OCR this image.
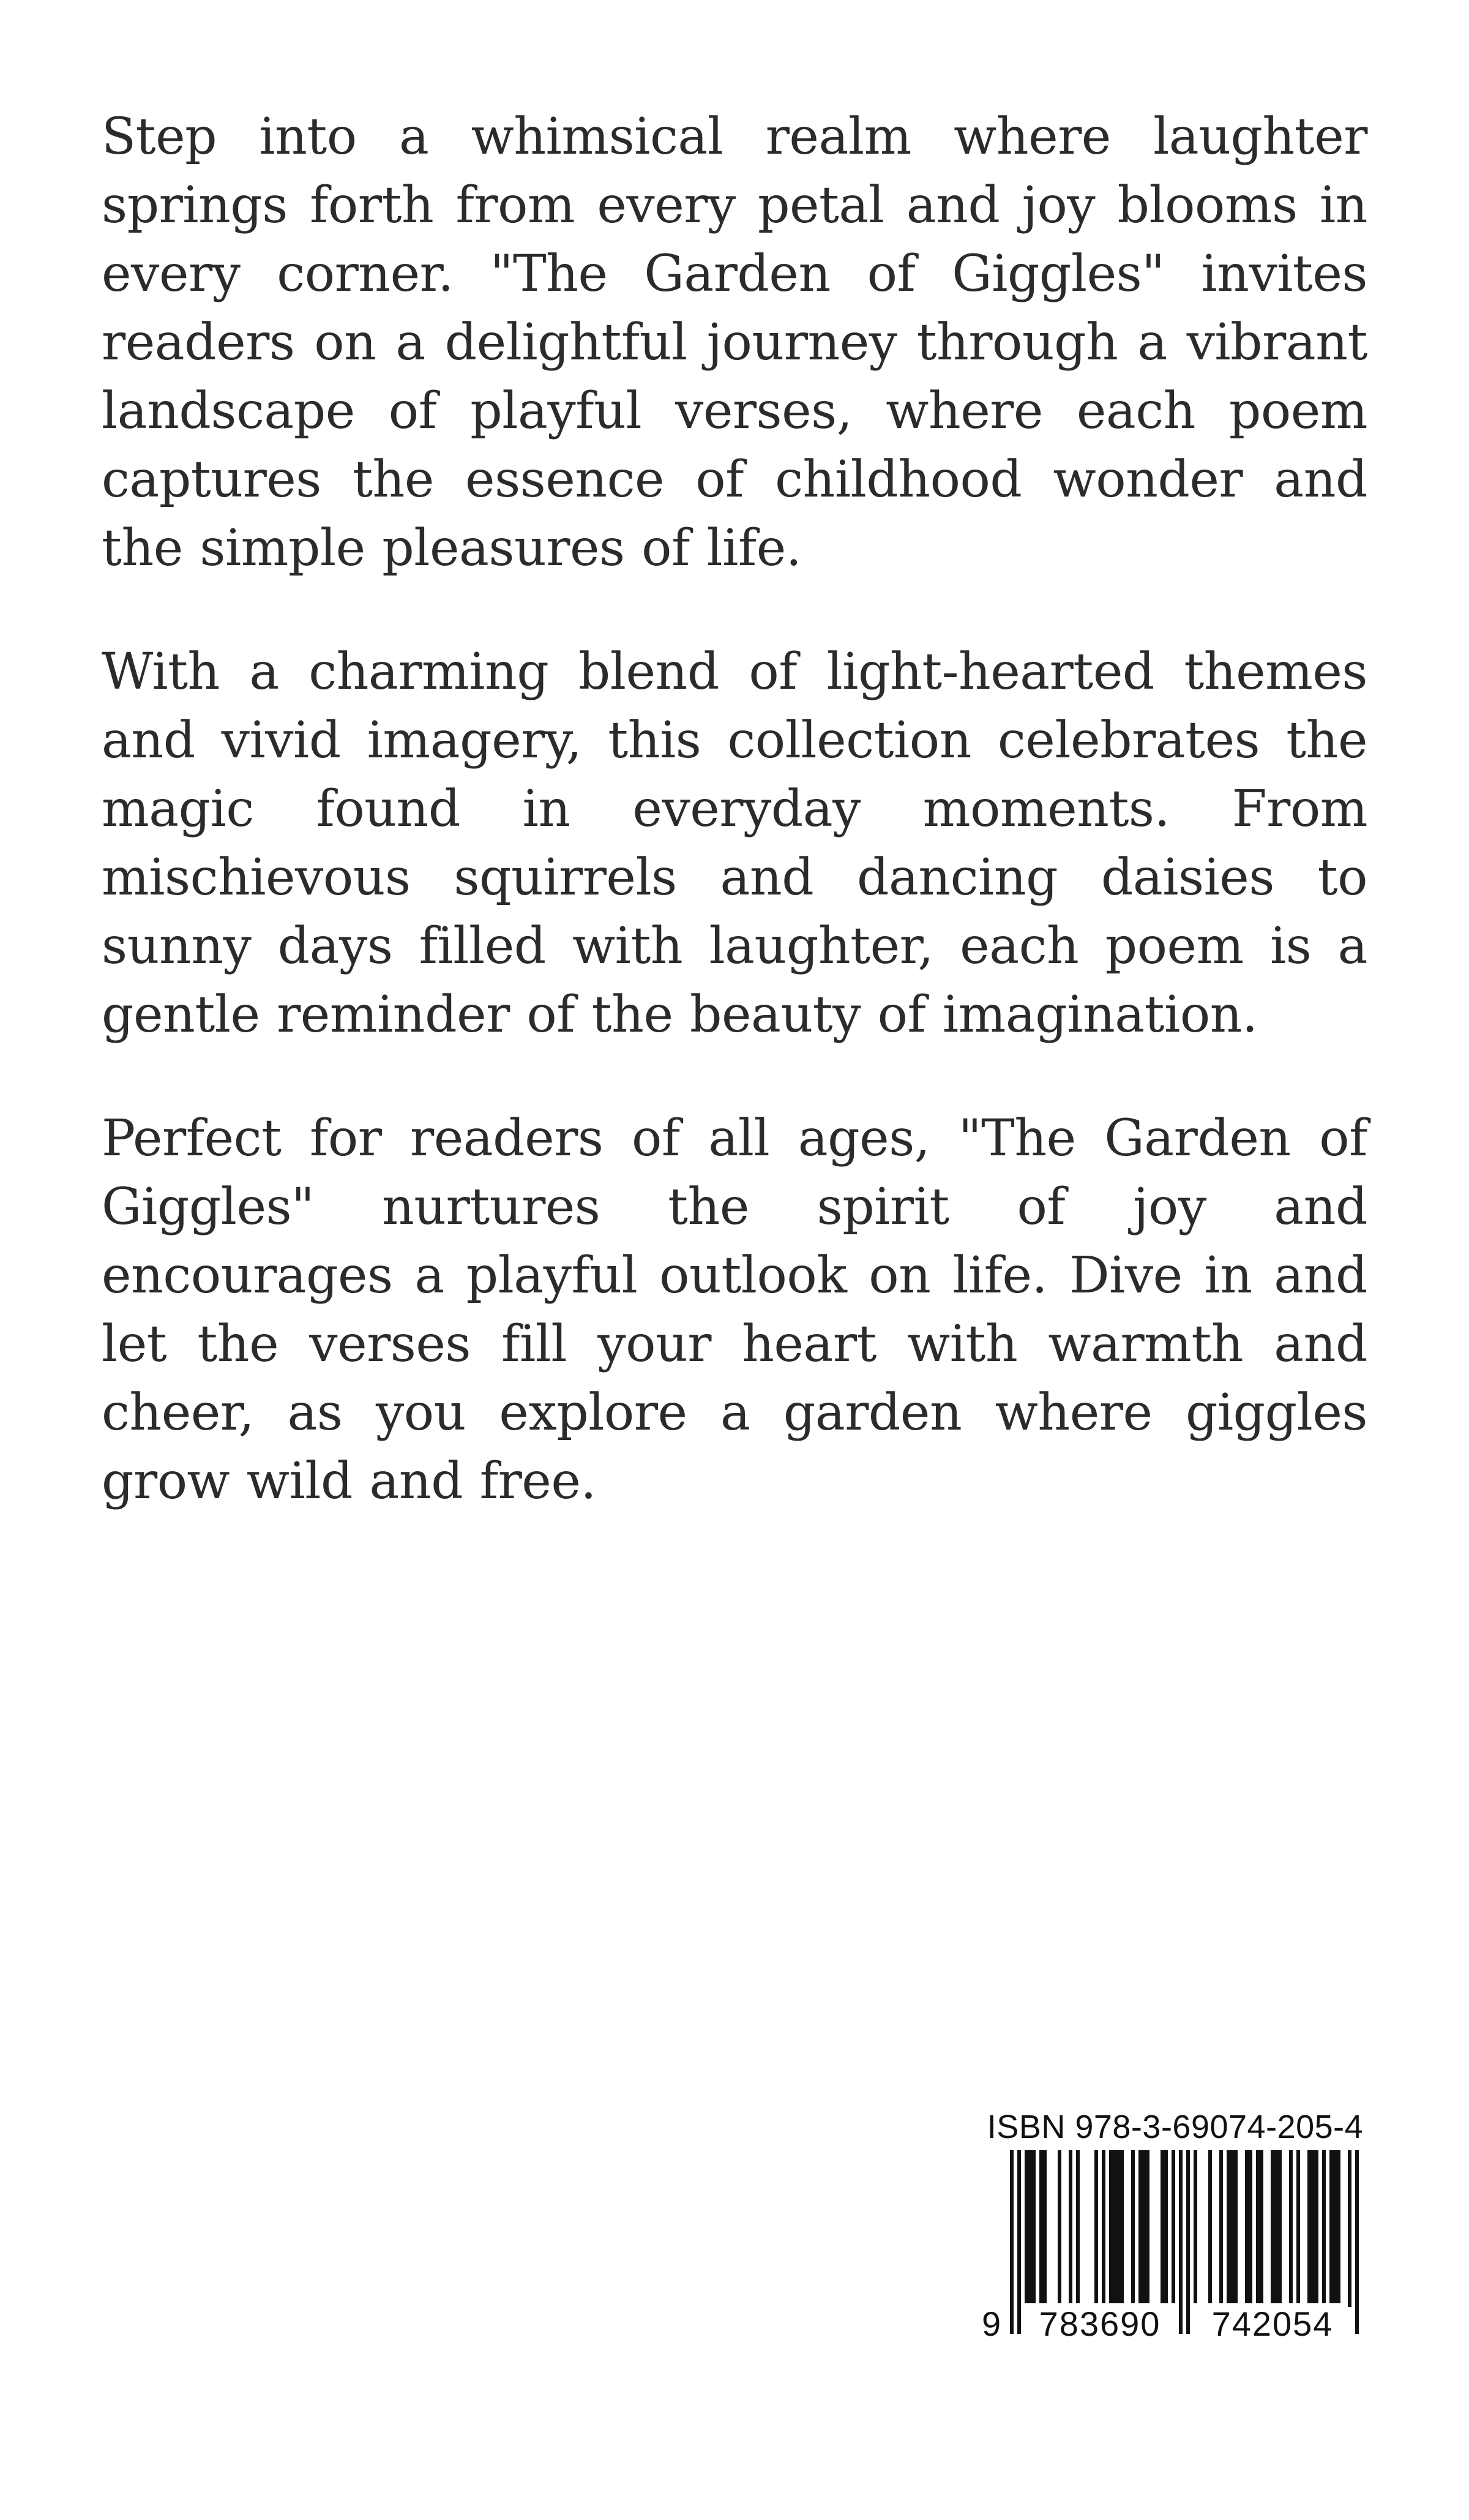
Step into a whimsical realm where laughter springs forth from every petal and joy blooms in every corner. "The Garden of Giggles" invites readers on a delightful journey through a vibrant landscape of playful verses, where each poem captures the essence of childhood wonder and the simple pleasures of life.

With a charming blend of light-hearted themes and vivid imagery, this collection celebrates the magic found in everyday moments. From mischievous squirrels and dancing daisies to sunny days filled with laughter, each poem is a gentle reminder of the beauty of imagination.

Perfect for readers of all ages, "The Garden of Giggles" nurtures the spirit of joy and encourages a playful outlook on life. Dive in and let the verses fill your heart with warmth and cheer, as you explore a garden where giggles grow wild and free.

ISBN 978-3-69074-205-4
9	783690	742054
